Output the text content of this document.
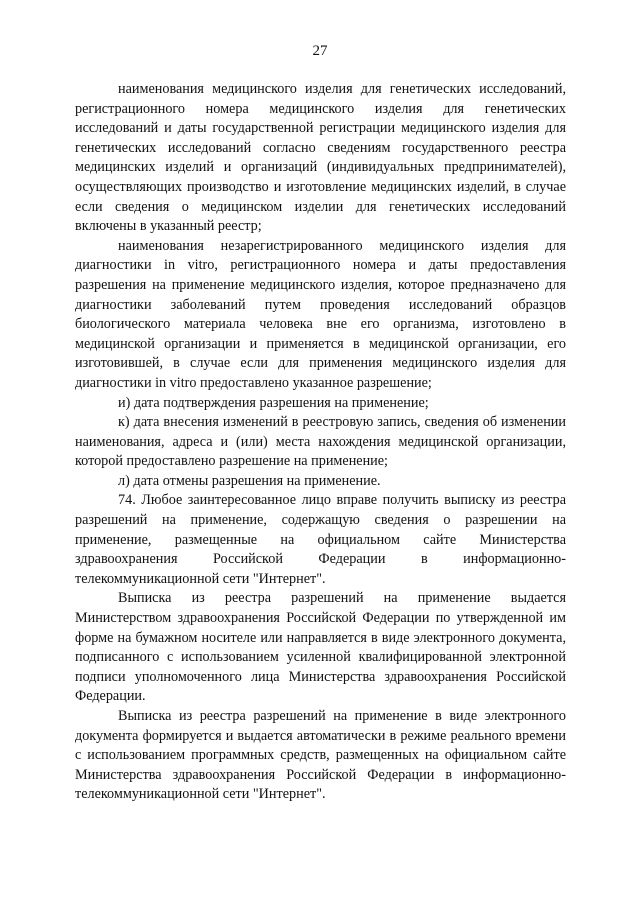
27

наименования медицинского изделия для генетических исследований, регистрационного номера медицинского изделия для генетических исследований и даты государственной регистрации медицинского изделия для генетических исследований согласно сведениям государственного реестра медицинских изделий и организаций (индивидуальных предпринимателей), осуществляющих производство и изготовление медицинских изделий, в случае если сведения о медицинском изделии для генетических исследований включены в указанный реестр;

наименования незарегистрированного медицинского изделия для диагностики in vitro, регистрационного номера и даты предоставления разрешения на применение медицинского изделия, которое предназначено для диагностики заболеваний путем проведения исследований образцов биологического материала человека вне его организма, изготовлено в медицинской организации и применяется в медицинской организации, его изготовившей, в случае если для применения медицинского изделия для диагностики in vitro предоставлено указанное разрешение;

и) дата подтверждения разрешения на применение;

к) дата внесения изменений в реестровую запись, сведения об изменении наименования, адреса и (или) места нахождения медицинской организации, которой предоставлено разрешение на применение;

л) дата отмены разрешения на применение.

74. Любое заинтересованное лицо вправе получить выписку из реестра разрешений на применение, содержащую сведения о разрешении на применение, размещенные на официальном сайте Министерства здравоохранения Российской Федерации в информационно-телекоммуникационной сети "Интернет".

Выписка из реестра разрешений на применение выдается Министерством здравоохранения Российской Федерации по утвержденной им форме на бумажном носителе или направляется в виде электронного документа, подписанного с использованием усиленной квалифицированной электронной подписи уполномоченного лица Министерства здравоохранения Российской Федерации.

Выписка из реестра разрешений на применение в виде электронного документа формируется и выдается автоматически в режиме реального времени с использованием программных средств, размещенных на официальном сайте Министерства здравоохранения Российской Федерации в информационно-телекоммуникационной сети "Интернет".
